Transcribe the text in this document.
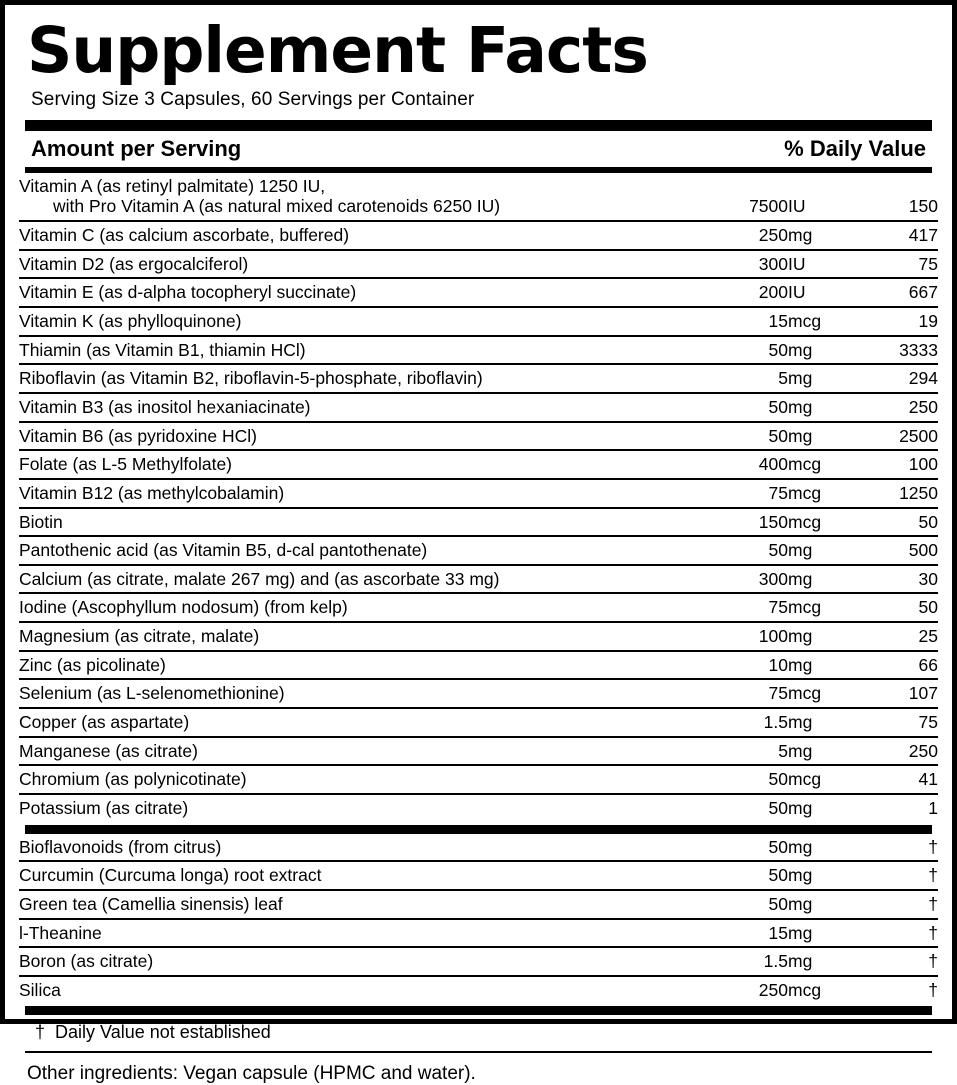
Supplement Facts
Serving Size 3 Capsules, 60 Servings per Container
Amount per Serving	% Daily Value
Vitamin A (as retinyl palmitate) 1250 IU,
with Pro Vitamin A (as natural mixed carotenoids 6250 IU)	7500	IU	150
Vitamin C (as calcium ascorbate, buffered)	250	mg	417
Vitamin D2 (as ergocalciferol)	300	IU	75
Vitamin E (as d-alpha tocopheryl succinate)	200	IU	667
Vitamin K (as phylloquinone)	15	mcg	19
Thiamin (as Vitamin B1, thiamin HCl)	50	mg	3333
Riboflavin (as Vitamin B2, riboflavin-5-phosphate, riboflavin)	5	mg	294
Vitamin B3 (as inositol hexaniacinate)	50	mg	250
Vitamin B6 (as pyridoxine HCl)	50	mg	2500
Folate (as L-5 Methylfolate)	400	mcg	100
Vitamin B12 (as methylcobalamin)	75	mcg	1250
Biotin	150	mcg	50
Pantothenic acid (as Vitamin B5, d-cal pantothenate)	50	mg	500
Calcium (as citrate, malate 267 mg) and (as ascorbate 33 mg)	300	mg	30
Iodine (Ascophyllum nodosum) (from kelp)	75	mcg	50
Magnesium (as citrate, malate)	100	mg	25
Zinc (as picolinate)	10	mg	66
Selenium (as L-selenomethionine)	75	mcg	107
Copper (as aspartate)	1.5	mg	75
Manganese (as citrate)	5	mg	250
Chromium (as polynicotinate)	50	mcg	41
Potassium (as citrate)	50	mg	1
Bioflavonoids (from citrus)	50	mg	†
Curcumin (Curcuma longa) root extract	50	mg	†
Green tea (Camellia sinensis) leaf	50	mg	†
l-Theanine	15	mg	†
Boron (as citrate)	1.5	mg	†
Silica	250	mcg	†
† Daily Value not established
Other ingredients: Vegan capsule (HPMC and water).
